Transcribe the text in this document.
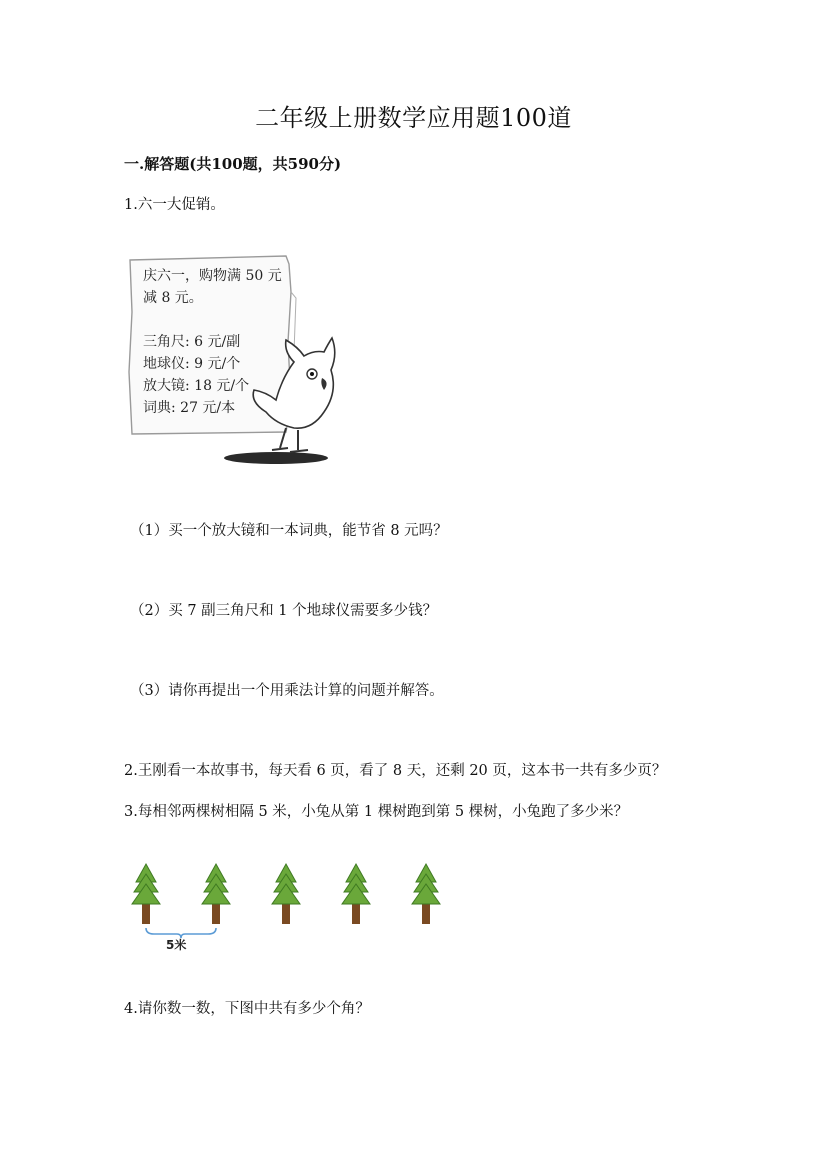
二年级上册数学应用题100道
一.解答题(共100题，共590分)
1.六一大促销。
庆六一，购物满 50 元
减 8 元。
三角尺: 6 元/副
地球仪: 9 元/个
放大镜: 18 元/个
词典: 27 元/本
（1）买一个放大镜和一本词典，能节省 8 元吗？
（2）买 7 副三角尺和 1 个地球仪需要多少钱？
（3）请你再提出一个用乘法计算的问题并解答。
2.王刚看一本故事书，每天看 6 页，看了 8 天，还剩 20 页，这本书一共有多少页？
3.每相邻两棵树相隔 5 米，小兔从第 1 棵树跑到第 5 棵树，小兔跑了多少米？
5米
4.请你数一数，下图中共有多少个角？
